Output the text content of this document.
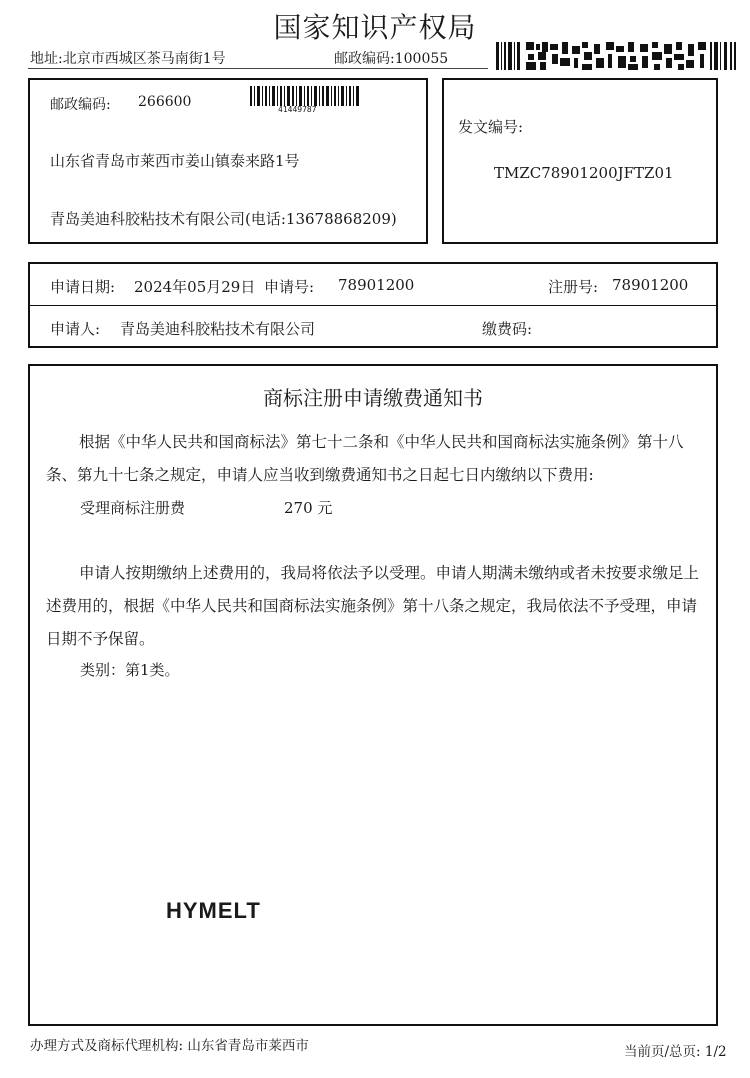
国家知识产权局
地址:北京市西城区茶马南街1号	邮政编码:100055
邮政编码: 266600	41449787
山东省青岛市莱西市姜山镇泰来路1号
青岛美迪科胶粘技术有限公司(电话:13678868209)
发文编号:
TMZC78901200JFTZ01
申请日期: 2024年05月29日 申请号: 78901200	注册号: 78901200
申请人: 青岛美迪科胶粘技术有限公司	缴费码:
商标注册申请缴费通知书
根据《中华人民共和国商标法》第七十二条和《中华人民共和国商标法实施条例》第十八条、第九十七条之规定，申请人应当收到缴费通知书之日起七日内缴纳以下费用:
受理商标注册费	270 元
申请人按期缴纳上述费用的，我局将依法予以受理。申请人期满未缴纳或者未按要求缴足上述费用的，根据《中华人民共和国商标法实施条例》第十八条之规定，我局依法不予受理，申请日期不予保留。
类别：第1类。
HYMELT
办理方式及商标代理机构: 山东省青岛市莱西市	当前页/总页: 1/2
